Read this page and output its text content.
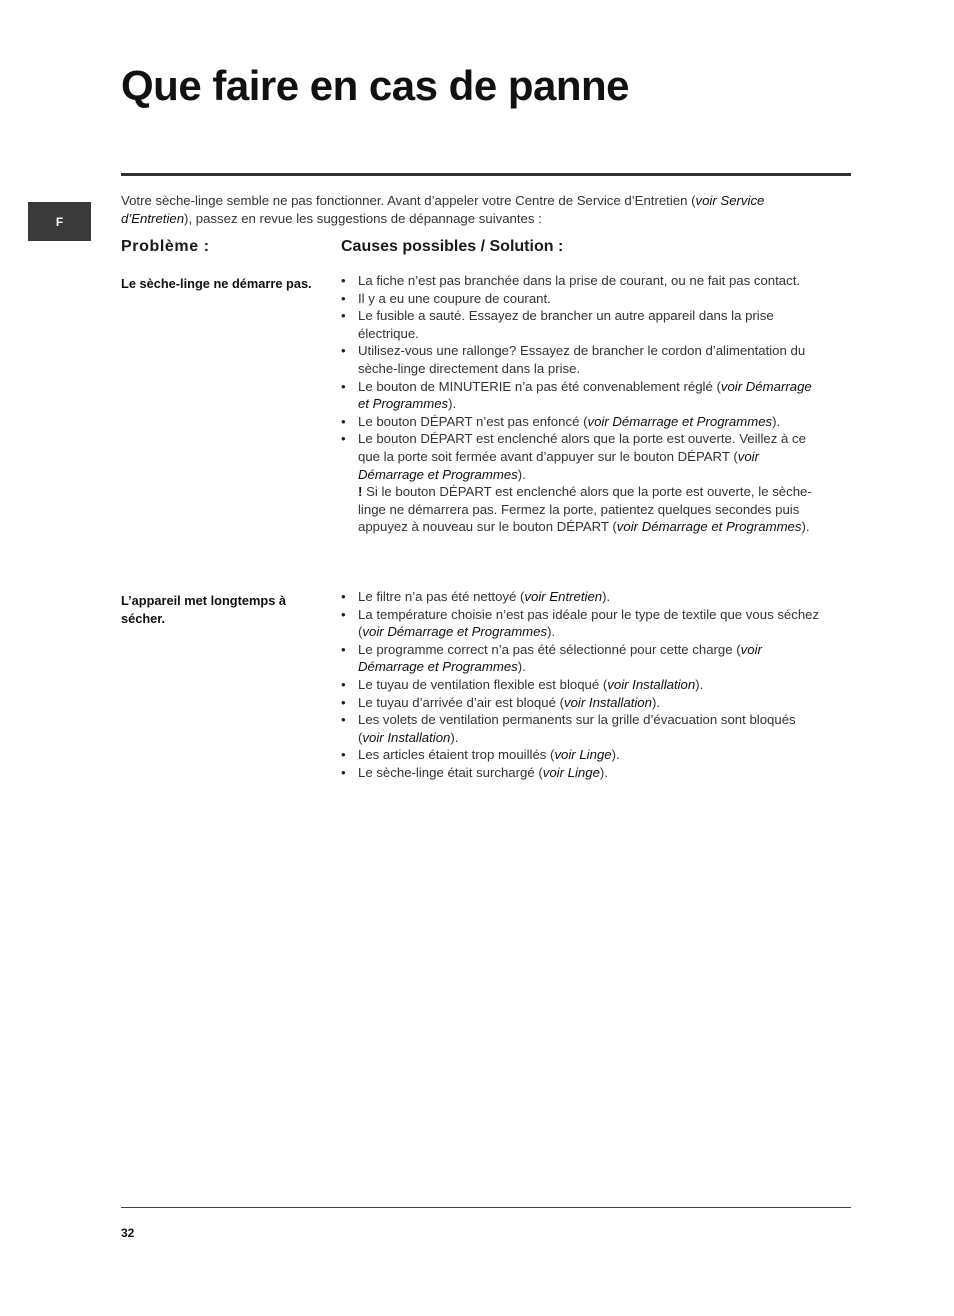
Que faire en cas de panne
F

Votre sèche-linge semble ne pas fonctionner. Avant d’appeler votre Centre de Service d’Entretien (voir Service d’Entretien), passez en revue les suggestions de dépannage suivantes :

Problème :	Causes possibles / Solution :

Le sèche-linge ne démarre pas.

•	La fiche n’est pas branchée dans la prise de courant, ou ne fait pas contact.
• Il y a eu une coupure de courant.
• Le fusible a sauté. Essayez de brancher un autre appareil dans la prise électrique.
• Utilisez-vous une rallonge? Essayez de brancher le cordon d’alimentation du sèche-linge directement dans la prise.
• Le bouton de MINUTERIE n’a pas été convenablement réglé (voir Démarrage et Programmes).
• Le bouton DÉPART n’est pas enfoncé (voir Démarrage et Programmes).
• Le bouton DÉPART est enclenché alors que la porte est ouverte. Veillez à ce que la porte soit fermée avant d’appuyer sur le bouton DÉPART (voir Démarrage et Programmes).
! Si le bouton DÉPART est enclenché alors que la porte est ouverte, le sèche-linge ne démarrera pas. Fermez la porte, patientez quelques secondes puis appuyez à nouveau sur le bouton DÉPART (voir Démarrage et Programmes).

L’appareil met longtemps à sécher.

• Le filtre n’a pas été nettoyé (voir Entretien).
• La température choisie n’est pas idéale pour le type de textile que vous séchez (voir Démarrage et Programmes).
• Le programme correct n’a pas été sélectionné pour cette charge (voir Démarrage et Programmes).
• Le tuyau de ventilation flexible est bloqué (voir Installation).
• Le tuyau d’arrivée d’air est bloqué (voir Installation).
• Les volets de ventilation permanents sur la grille d’évacuation sont bloqués (voir Installation).
• Les articles étaient trop mouillés (voir Linge).
• Le sèche-linge était surchargé (voir Linge).

32
